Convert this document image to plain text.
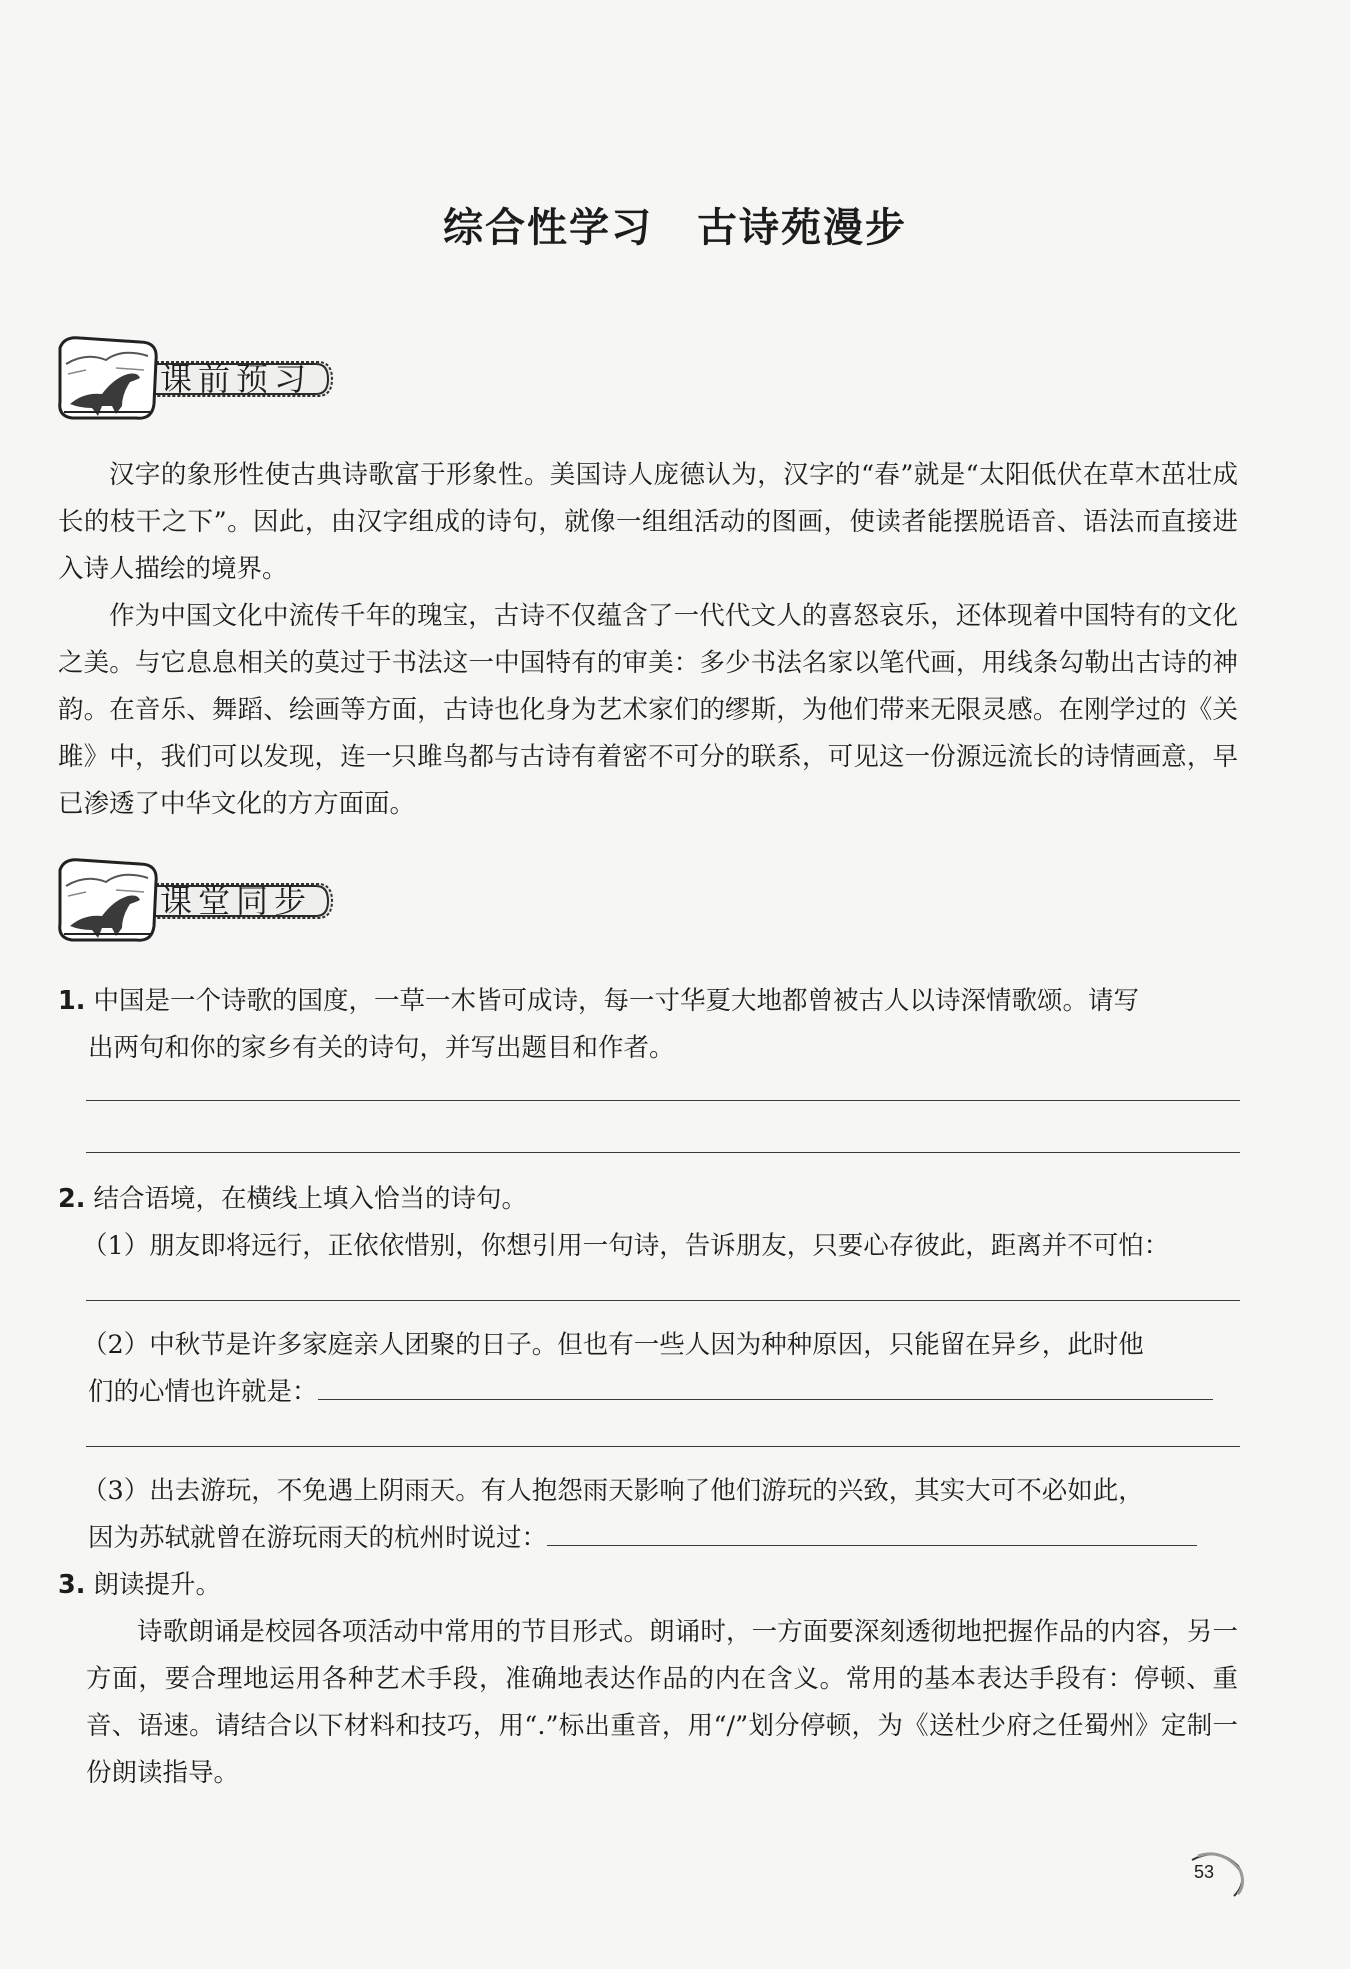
综合性学习 古诗苑漫步
课前预习
汉字的象形性使古典诗歌富于形象性。美国诗人庞德认为，汉字的“春”就是“太阳低伏在草木茁壮成长的枝干之下”。因此，由汉字组成的诗句，就像一组组活动的图画，使读者能摆脱语音、语法而直接进入诗人描绘的境界。
作为中国文化中流传千年的瑰宝，古诗不仅蕴含了一代代文人的喜怒哀乐，还体现着中国特有的文化之美。与它息息相关的莫过于书法这一中国特有的审美：多少书法名家以笔代画，用线条勾勒出古诗的神韵。在音乐、舞蹈、绘画等方面，古诗也化身为艺术家们的缪斯，为他们带来无限灵感。在刚学过的《关雎》中，我们可以发现，连一只雎鸟都与古诗有着密不可分的联系，可见这一份源远流长的诗情画意，早已渗透了中华文化的方方面面。
课堂同步
1. 中国是一个诗歌的国度，一草一木皆可成诗，每一寸华夏大地都曾被古人以诗深情歌颂。请写
出两句和你的家乡有关的诗句，并写出题目和作者。
2. 结合语境，在横线上填入恰当的诗句。
（1）朋友即将远行，正依依惜别，你想引用一句诗，告诉朋友，只要心存彼此，距离并不可怕：
（2）中秋节是许多家庭亲人团聚的日子。但也有一些人因为种种原因，只能留在异乡，此时他
们的心情也许就是：
（3）出去游玩，不免遇上阴雨天。有人抱怨雨天影响了他们游玩的兴致，其实大可不必如此，
因为苏轼就曾在游玩雨天的杭州时说过：
3. 朗读提升。
诗歌朗诵是校园各项活动中常用的节目形式。朗诵时，一方面要深刻透彻地把握作品的内容，另一方面，要合理地运用各种艺术手段，准确地表达作品的内在含义。常用的基本表达手段有：停顿、重音、语速。请结合以下材料和技巧，用“.”标出重音，用“/”划分停顿，为《送杜少府之任蜀州》定制一份朗读指导。
53
